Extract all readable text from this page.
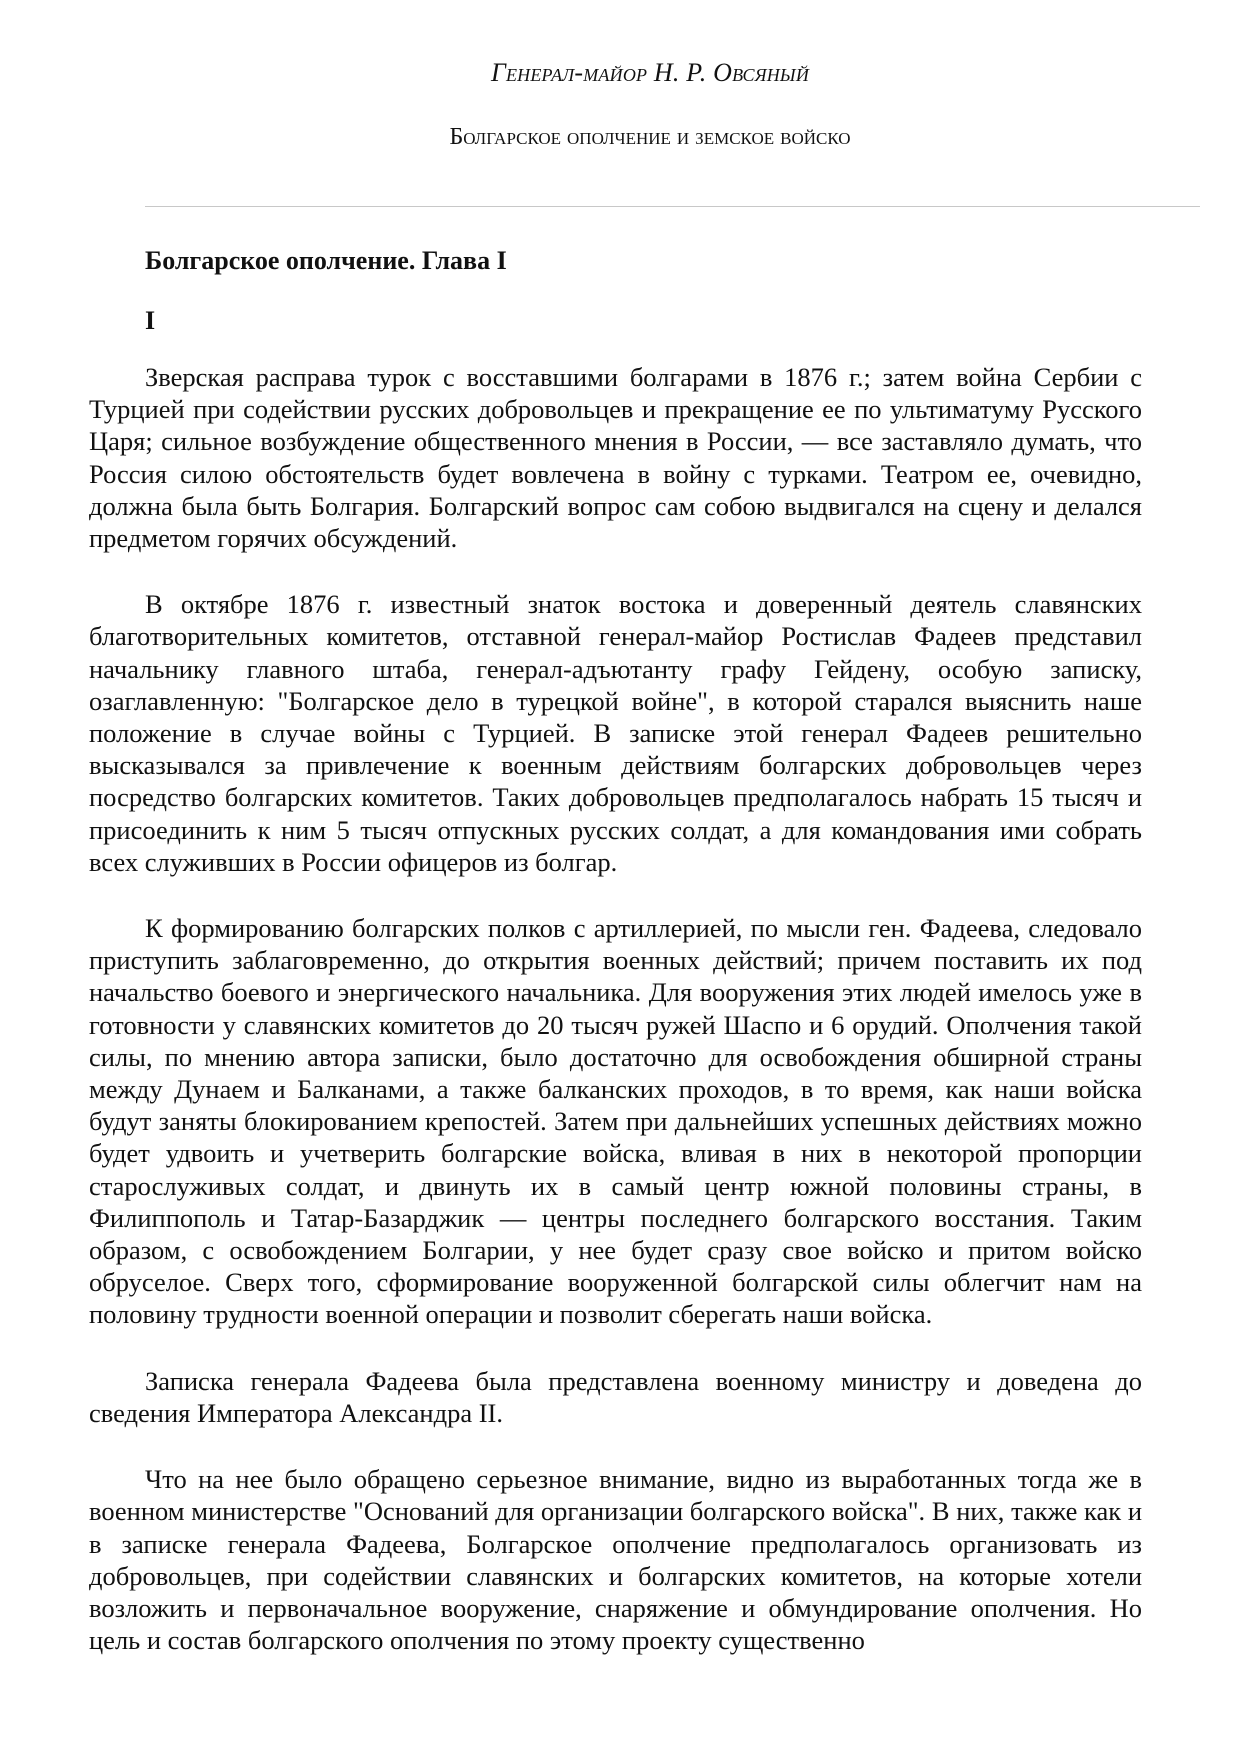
Генерал-майор Н. Р. Овсяный
Болгарское ополчение и земское войско
Болгарское ополчение. Глава I
I

Зверская расправа турок с восставшими болгарами в 1876 г.; затем война Сербии с Турцией при содействии русских добровольцев и прекращение ее по ультиматуму Русского Царя; сильное возбуждение общественного мнения в России, — все заставляло думать, что Россия силою обстоятельств будет вовлечена в войну с турками. Театром ее, очевидно, должна была быть Болгария. Болгарский вопрос сам собою выдвигался на сцену и делался предметом горячих обсуждений.

В октябре 1876 г. известный знаток востока и доверенный деятель славянских благотворительных комитетов, отставной генерал-майор Ростислав Фадеев представил начальнику главного штаба, генерал-адъютанту графу Гейдену, особую записку, озаглавленную: "Болгарское дело в турецкой войне", в которой старался выяснить наше положение в случае войны с Турцией. В записке этой генерал Фадеев решительно высказывался за привлечение к военным действиям болгарских добровольцев через посредство болгарских комитетов. Таких добровольцев предполагалось набрать 15 тысяч и присоединить к ним 5 тысяч отпускных русских солдат, а для командования ими собрать всех служивших в России офицеров из болгар.

К формированию болгарских полков с артиллерией, по мысли ген. Фадеева, следовало приступить заблаговременно, до открытия военных действий; причем поставить их под начальство боевого и энергического начальника. Для вооружения этих людей имелось уже в готовности у славянских комитетов до 20 тысяч ружей Шаспо и 6 орудий. Ополчения такой силы, по мнению автора записки, было достаточно для освобождения обширной страны между Дунаем и Балканами, а также балканских проходов, в то время, как наши войска будут заняты блокированием крепостей. Затем при дальнейших успешных действиях можно будет удвоить и учетверить болгарские войска, вливая в них в некоторой пропорции старослуживых солдат, и двинуть их в самый центр южной половины страны, в Филиппополь и Татар-Базарджик — центры последнего болгарского восстания. Таким образом, с освобождением Болгарии, у нее будет сразу свое войско и притом войско обруселое. Сверх того, сформирование вооруженной болгарской силы облегчит нам на половину трудности военной операции и позволит сберегать наши войска.

Записка генерала Фадеева была представлена военному министру и доведена до сведения Императора Александра II.

Что на нее было обращено серьезное внимание, видно из выработанных тогда же в военном министерстве "Оснований для организации болгарского войска". В них, также как и в записке генерала Фадеева, Болгарское ополчение предполагалось организовать из добровольцев, при содействии славянских и болгарских комитетов, на которые хотели возложить и первоначальное вооружение, снаряжение и обмундирование ополчения. Но цель и состав болгарского ополчения по этому проекту существенно
